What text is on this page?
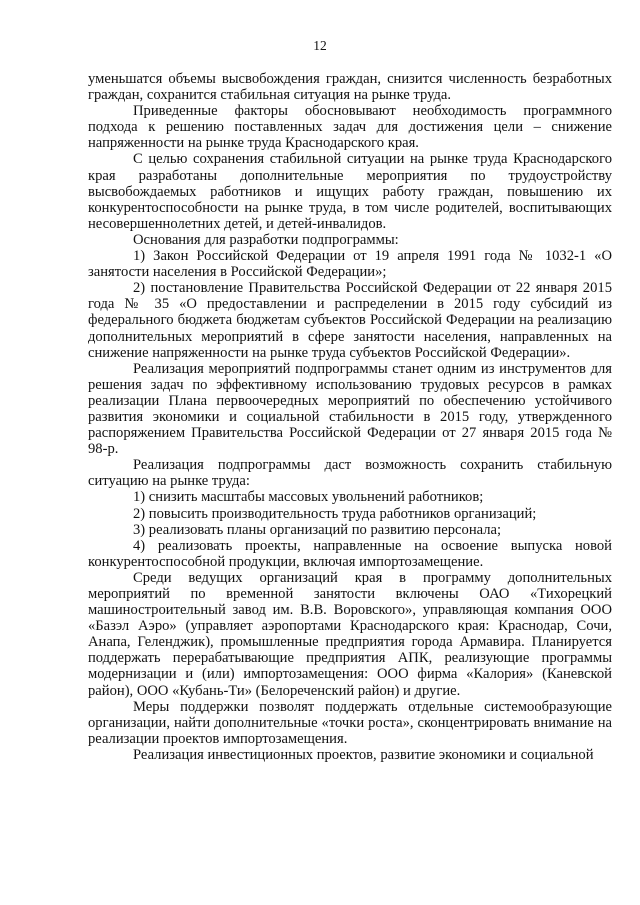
12

уменьшатся объемы высвобождения граждан, снизится численность безработных граждан, сохранится стабильная ситуация на рынке труда.

Приведенные факторы обосновывают необходимость программного подхода к решению поставленных задач для достижения цели – снижение напряженности на рынке труда Краснодарского края.

С целью сохранения стабильной ситуации на рынке труда Краснодарского края разработаны дополнительные мероприятия по трудоустройству высвобождаемых работников и ищущих работу граждан, повышению их конкурентоспособности на рынке труда, в том числе родителей, воспитывающих несовершеннолетних детей, и детей-инвалидов.

Основания для разработки подпрограммы:

1) Закон Российской Федерации от 19 апреля 1991 года № 1032-1 «О занятости населения в Российской Федерации»;

2) постановление Правительства Российской Федерации от 22 января 2015 года № 35 «О предоставлении и распределении в 2015 году субсидий из федерального бюджета бюджетам субъектов Российской Федерации на реализацию дополнительных мероприятий в сфере занятости населения, направленных на снижение напряженности на рынке труда субъектов Российской Федерации».

Реализация мероприятий подпрограммы станет одним из инструментов для решения задач по эффективному использованию трудовых ресурсов в рамках реализации Плана первоочередных мероприятий по обеспечению устойчивого развития экономики и социальной стабильности в 2015 году, утвержденного распоряжением Правительства Российской Федерации от 27 января 2015 года № 98-р.

Реализация подпрограммы даст возможность сохранить стабильную ситуацию на рынке труда:

1) снизить масштабы массовых увольнений работников;

2) повысить производительность труда работников организаций;

3) реализовать планы организаций по развитию персонала;

4) реализовать проекты, направленные на освоение выпуска новой конкурентоспособной продукции, включая импортозамещение.

Среди ведущих организаций края в программу дополнительных мероприятий по временной занятости включены ОАО «Тихорецкий машиностроительный завод им. В.В. Воровского», управляющая компания ООО «Базэл Аэро» (управляет аэропортами Краснодарского края: Краснодар, Сочи, Анапа, Геленджик), промышленные предприятия города Армавира. Планируется поддержать перерабатывающие предприятия АПК, реализующие программы модернизации и (или) импортозамещения: ООО фирма «Калория» (Каневской район), ООО «Кубань-Ти» (Белореченский район) и другие.

Меры поддержки позволят поддержать отдельные системообразующие организации, найти дополнительные «точки роста», сконцентрировать внимание на реализации проектов импортозамещения.

Реализация инвестиционных проектов, развитие экономики и социальной
